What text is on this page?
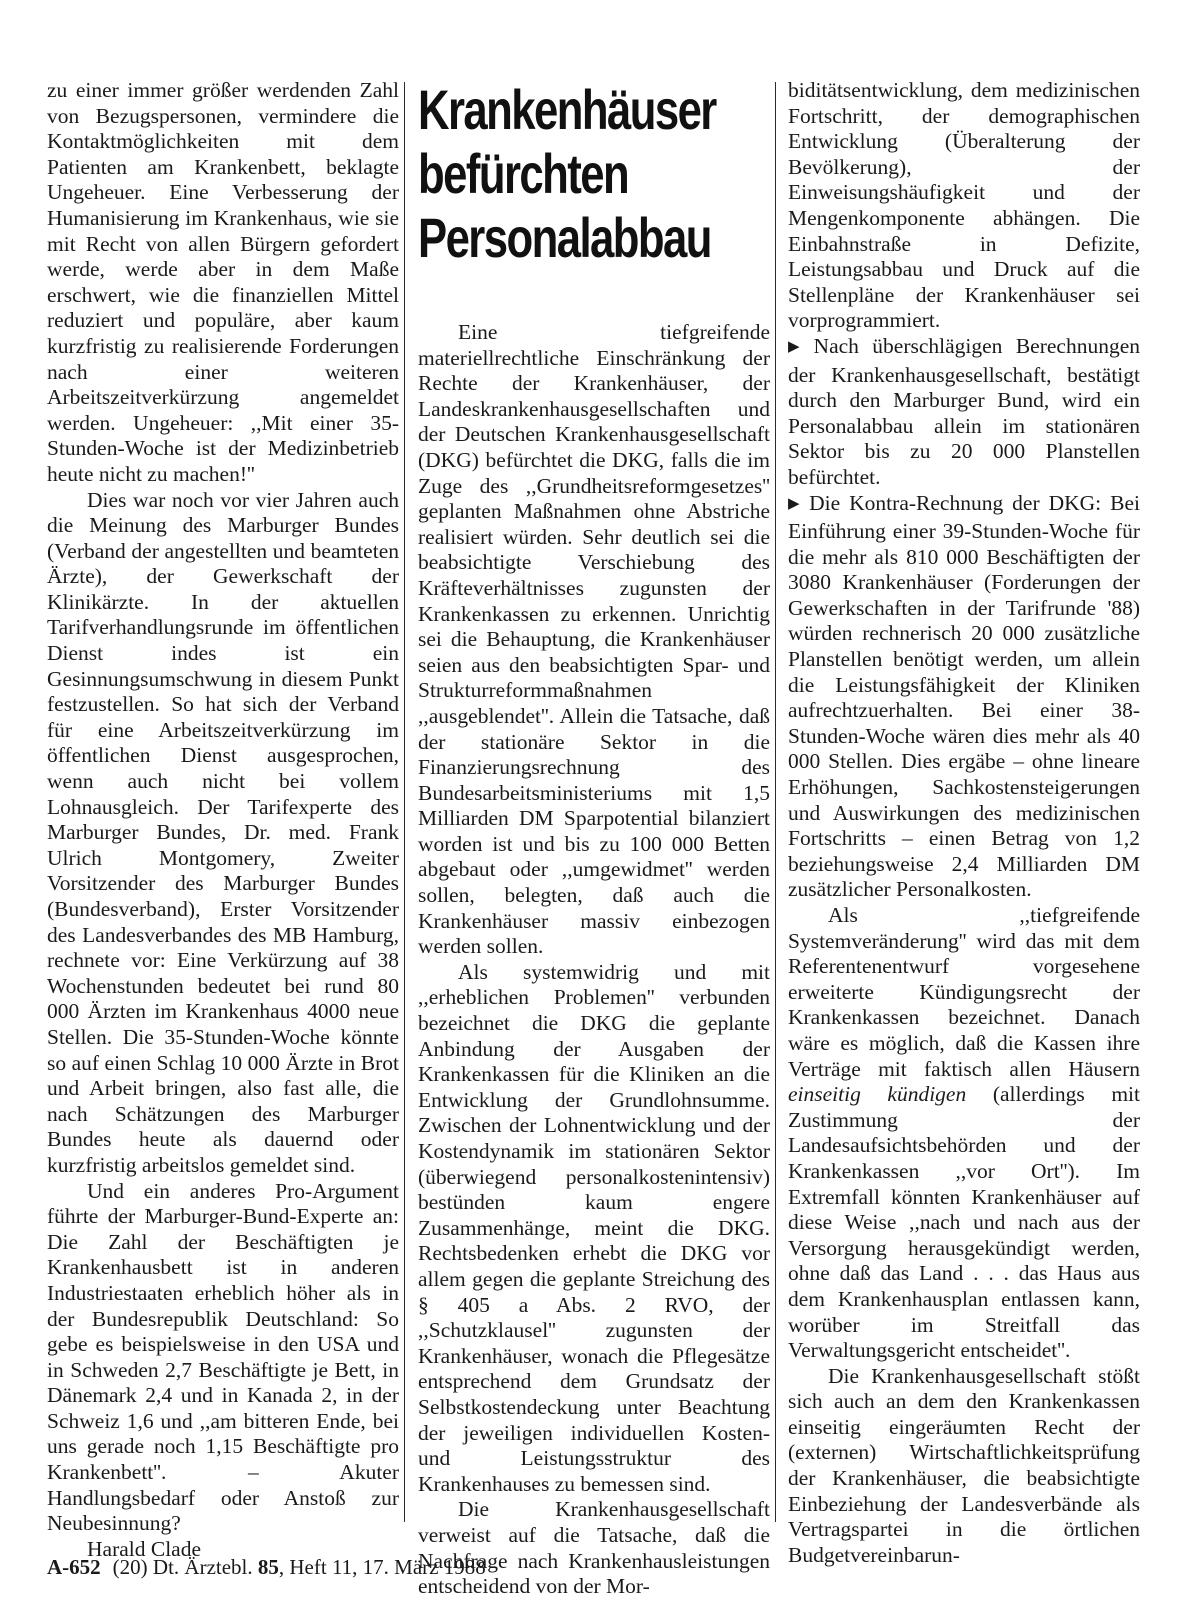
zu einer immer größer werdenden Zahl von Bezugspersonen, vermindere die Kontaktmöglichkeiten mit dem Patienten am Krankenbett, beklagte Ungeheuer. Eine Verbesserung der Humanisierung im Krankenhaus, wie sie mit Recht von allen Bürgern gefordert werde, werde aber in dem Maße erschwert, wie die finanziellen Mittel reduziert und populäre, aber kaum kurzfristig zu realisierende Forderungen nach einer weiteren Arbeitszeitverkürzung angemeldet werden. Ungeheuer: ,,Mit einer 35-Stunden-Woche ist der Medizinbetrieb heute nicht zu machen!''

Dies war noch vor vier Jahren auch die Meinung des Marburger Bundes (Verband der angestellten und beamteten Ärzte), der Gewerkschaft der Klinikärzte. In der aktuellen Tarifverhandlungsrunde im öffentlichen Dienst indes ist ein Gesinnungsumschwung in diesem Punkt festzustellen. So hat sich der Verband für eine Arbeitszeitverkürzung im öffentlichen Dienst ausgesprochen, wenn auch nicht bei vollem Lohnausgleich. Der Tarifexperte des Marburger Bundes, Dr. med. Frank Ulrich Montgomery, Zweiter Vorsitzender des Marburger Bundes (Bundesverband), Erster Vorsitzender des Landesverbandes des MB Hamburg, rechnete vor: Eine Verkürzung auf 38 Wochenstunden bedeutet bei rund 80 000 Ärzten im Krankenhaus 4000 neue Stellen. Die 35-Stunden-Woche könnte so auf einen Schlag 10 000 Ärzte in Brot und Arbeit bringen, also fast alle, die nach Schätzungen des Marburger Bundes heute als dauernd oder kurzfristig arbeitslos gemeldet sind.

Und ein anderes Pro-Argument führte der Marburger-Bund-Experte an: Die Zahl der Beschäftigten je Krankenhausbett ist in anderen Industriestaaten erheblich höher als in der Bundesrepublik Deutschland: So gebe es beispielsweise in den USA und in Schweden 2,7 Beschäftigte je Bett, in Dänemark 2,4 und in Kanada 2, in der Schweiz 1,6 und ,,am bitteren Ende, bei uns gerade noch 1,15 Beschäftigte pro Krankenbett''. – Akuter Handlungsbedarf oder Anstoß zur Neubesinnung?

Harald Clade

Krankenhäuser befürchten Personalabbau

Eine tiefgreifende materiellrechtliche Einschränkung der Rechte der Krankenhäuser, der Landeskrankenhausgesellschaften und der Deutschen Krankenhausgesellschaft (DKG) befürchtet die DKG, falls die im Zuge des ,,Grundheitsreformgesetzes'' geplanten Maßnahmen ohne Abstriche realisiert würden. Sehr deutlich sei die beabsichtigte Verschiebung des Kräfteverhältnisses zugunsten der Krankenkassen zu erkennen. Unrichtig sei die Behauptung, die Krankenhäuser seien aus den beabsichtigten Spar- und Strukturreformmaßnahmen ,,ausgeblendet''. Allein die Tatsache, daß der stationäre Sektor in die Finanzierungsrechnung des Bundesarbeitsministeriums mit 1,5 Milliarden DM Sparpotential bilanziert worden ist und bis zu 100 000 Betten abgebaut oder ,,umgewidmet'' werden sollen, belegten, daß auch die Krankenhäuser massiv einbezogen werden sollen.

Als systemwidrig und mit ,,erheblichen Problemen'' verbunden bezeichnet die DKG die geplante Anbindung der Ausgaben der Krankenkassen für die Kliniken an die Entwicklung der Grundlohnsumme. Zwischen der Lohnentwicklung und der Kostendynamik im stationären Sektor (überwiegend personalkostenintensiv) bestünden kaum engere Zusammenhänge, meint die DKG. Rechtsbedenken erhebt die DKG vor allem gegen die geplante Streichung des § 405 a Abs. 2 RVO, der ,,Schutzklausel'' zugunsten der Krankenhäuser, wonach die Pflegesätze entsprechend dem Grundsatz der Selbstkostendeckung unter Beachtung der jeweiligen individuellen Kosten- und Leistungsstruktur des Krankenhauses zu bemessen sind.

Die Krankenhausgesellschaft verweist auf die Tatsache, daß die Nachfrage nach Krankenhausleistungen entscheidend von der Mor-

biditätsentwicklung, dem medizinischen Fortschritt, der demographischen Entwicklung (Überalterung der Bevölkerung), der Einweisungshäufigkeit und der Mengenkomponente abhängen. Die Einbahnstraße in Defizite, Leistungsabbau und Druck auf die Stellenpläne der Krankenhäuser sei vorprogrammiert.

▶ Nach überschlägigen Berechnungen der Krankenhausgesellschaft, bestätigt durch den Marburger Bund, wird ein Personalabbau allein im stationären Sektor bis zu 20 000 Planstellen befürchtet.

▶ Die Kontra-Rechnung der DKG: Bei Einführung einer 39-Stunden-Woche für die mehr als 810 000 Beschäftigten der 3080 Krankenhäuser (Forderungen der Gewerkschaften in der Tarifrunde '88) würden rechnerisch 20 000 zusätzliche Planstellen benötigt werden, um allein die Leistungsfähigkeit der Kliniken aufrechtzuerhalten. Bei einer 38-Stunden-Woche wären dies mehr als 40 000 Stellen. Dies ergäbe – ohne lineare Erhöhungen, Sachkostensteigerungen und Auswirkungen des medizinischen Fortschritts – einen Betrag von 1,2 beziehungsweise 2,4 Milliarden DM zusätzlicher Personalkosten.

Als ,,tiefgreifende Systemveränderung'' wird das mit dem Referentenentwurf vorgesehene erweiterte Kündigungsrecht der Krankenkassen bezeichnet. Danach wäre es möglich, daß die Kassen ihre Verträge mit faktisch allen Häusern einseitig kündigen (allerdings mit Zustimmung der Landesaufsichtsbehörden und der Krankenkassen ,,vor Ort''). Im Extremfall könnten Krankenhäuser auf diese Weise ,,nach und nach aus der Versorgung herausgekündigt werden, ohne daß das Land . . . das Haus aus dem Krankenhausplan entlassen kann, worüber im Streitfall das Verwaltungsgericht entscheidet''.

Die Krankenhausgesellschaft stößt sich auch an dem den Krankenkassen einseitig eingeräumten Recht der (externen) Wirtschaftlichkeitsprüfung der Krankenhäuser, die beabsichtigte Einbeziehung der Landesverbände als Vertragspartei in die örtlichen Budgetvereinbarun-

A-652 (20) Dt. Ärztebl. 85, Heft 11, 17. März 1988
